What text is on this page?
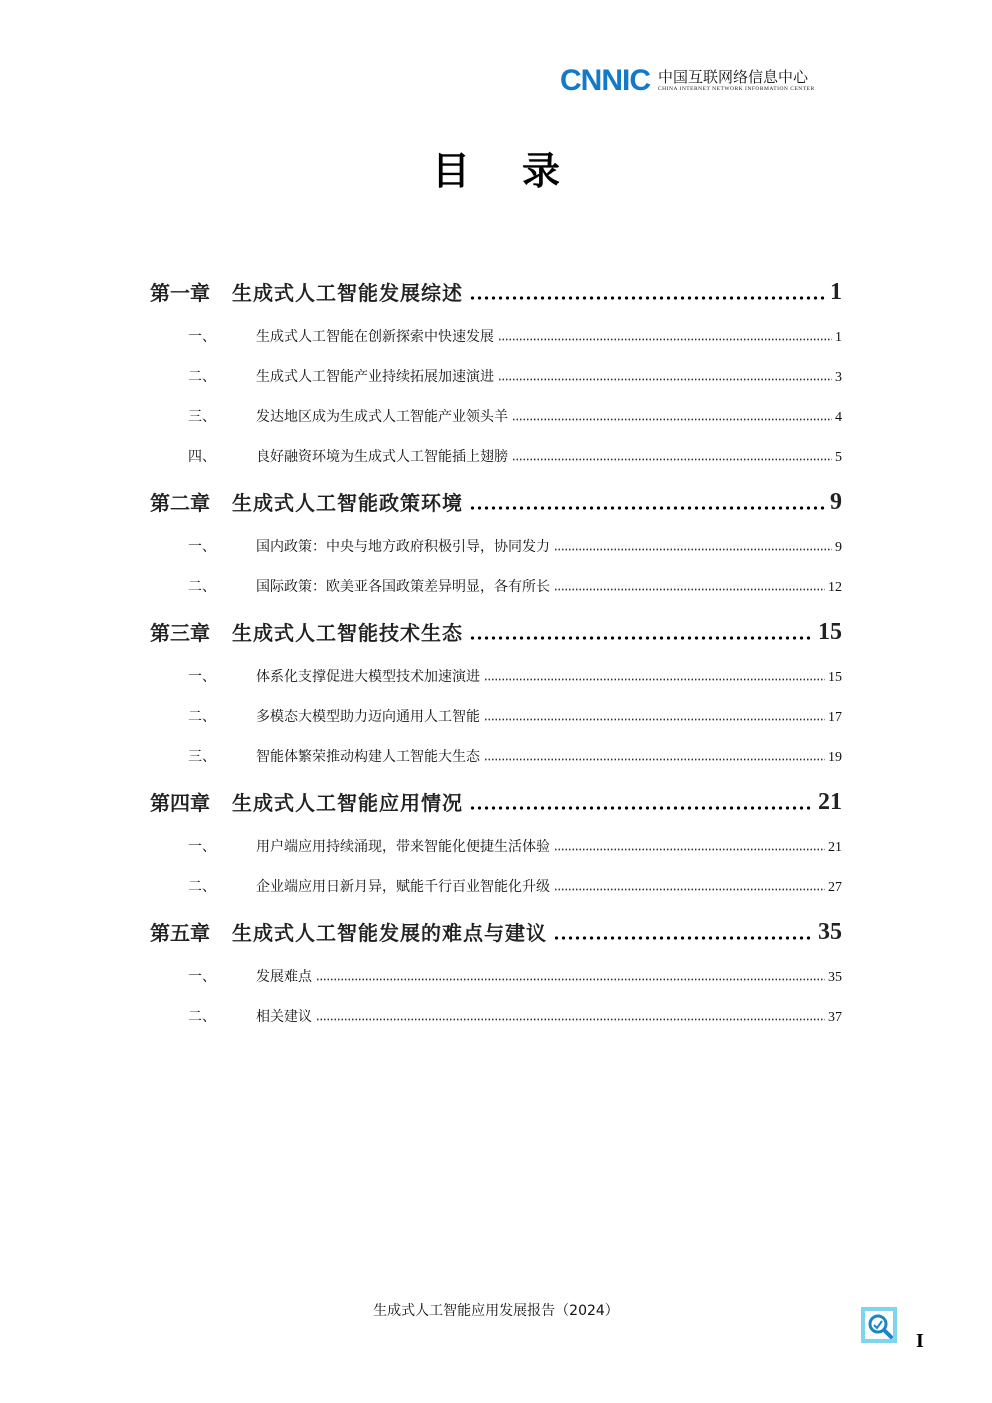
CNNIC 中国互联网络信息中心
CHINA INTERNET NETWORK INFORMATION CENTER
目录
第一章	生成式人工智能发展综述	1
一、	生成式人工智能在创新探索中快速发展	1
二、	生成式人工智能产业持续拓展加速演进	3
三、	发达地区成为生成式人工智能产业领头羊	4
四、	良好融资环境为生成式人工智能插上翅膀	5
第二章	生成式人工智能政策环境	9
一、	国内政策：中央与地方政府积极引导，协同发力	9
二、	国际政策：欧美亚各国政策差异明显，各有所长	12
第三章	生成式人工智能技术生态	15
一、	体系化支撑促进大模型技术加速演进	15
二、	多模态大模型助力迈向通用人工智能	17
三、	智能体繁荣推动构建人工智能大生态	19
第四章	生成式人工智能应用情况	21
一、	用户端应用持续涌现，带来智能化便捷生活体验	21
二、	企业端应用日新月异，赋能千行百业智能化升级	27
第五章	生成式人工智能发展的难点与建议	35
一、	发展难点	35
二、	相关建议	37
生成式人工智能应用发展报告（2024）
I
